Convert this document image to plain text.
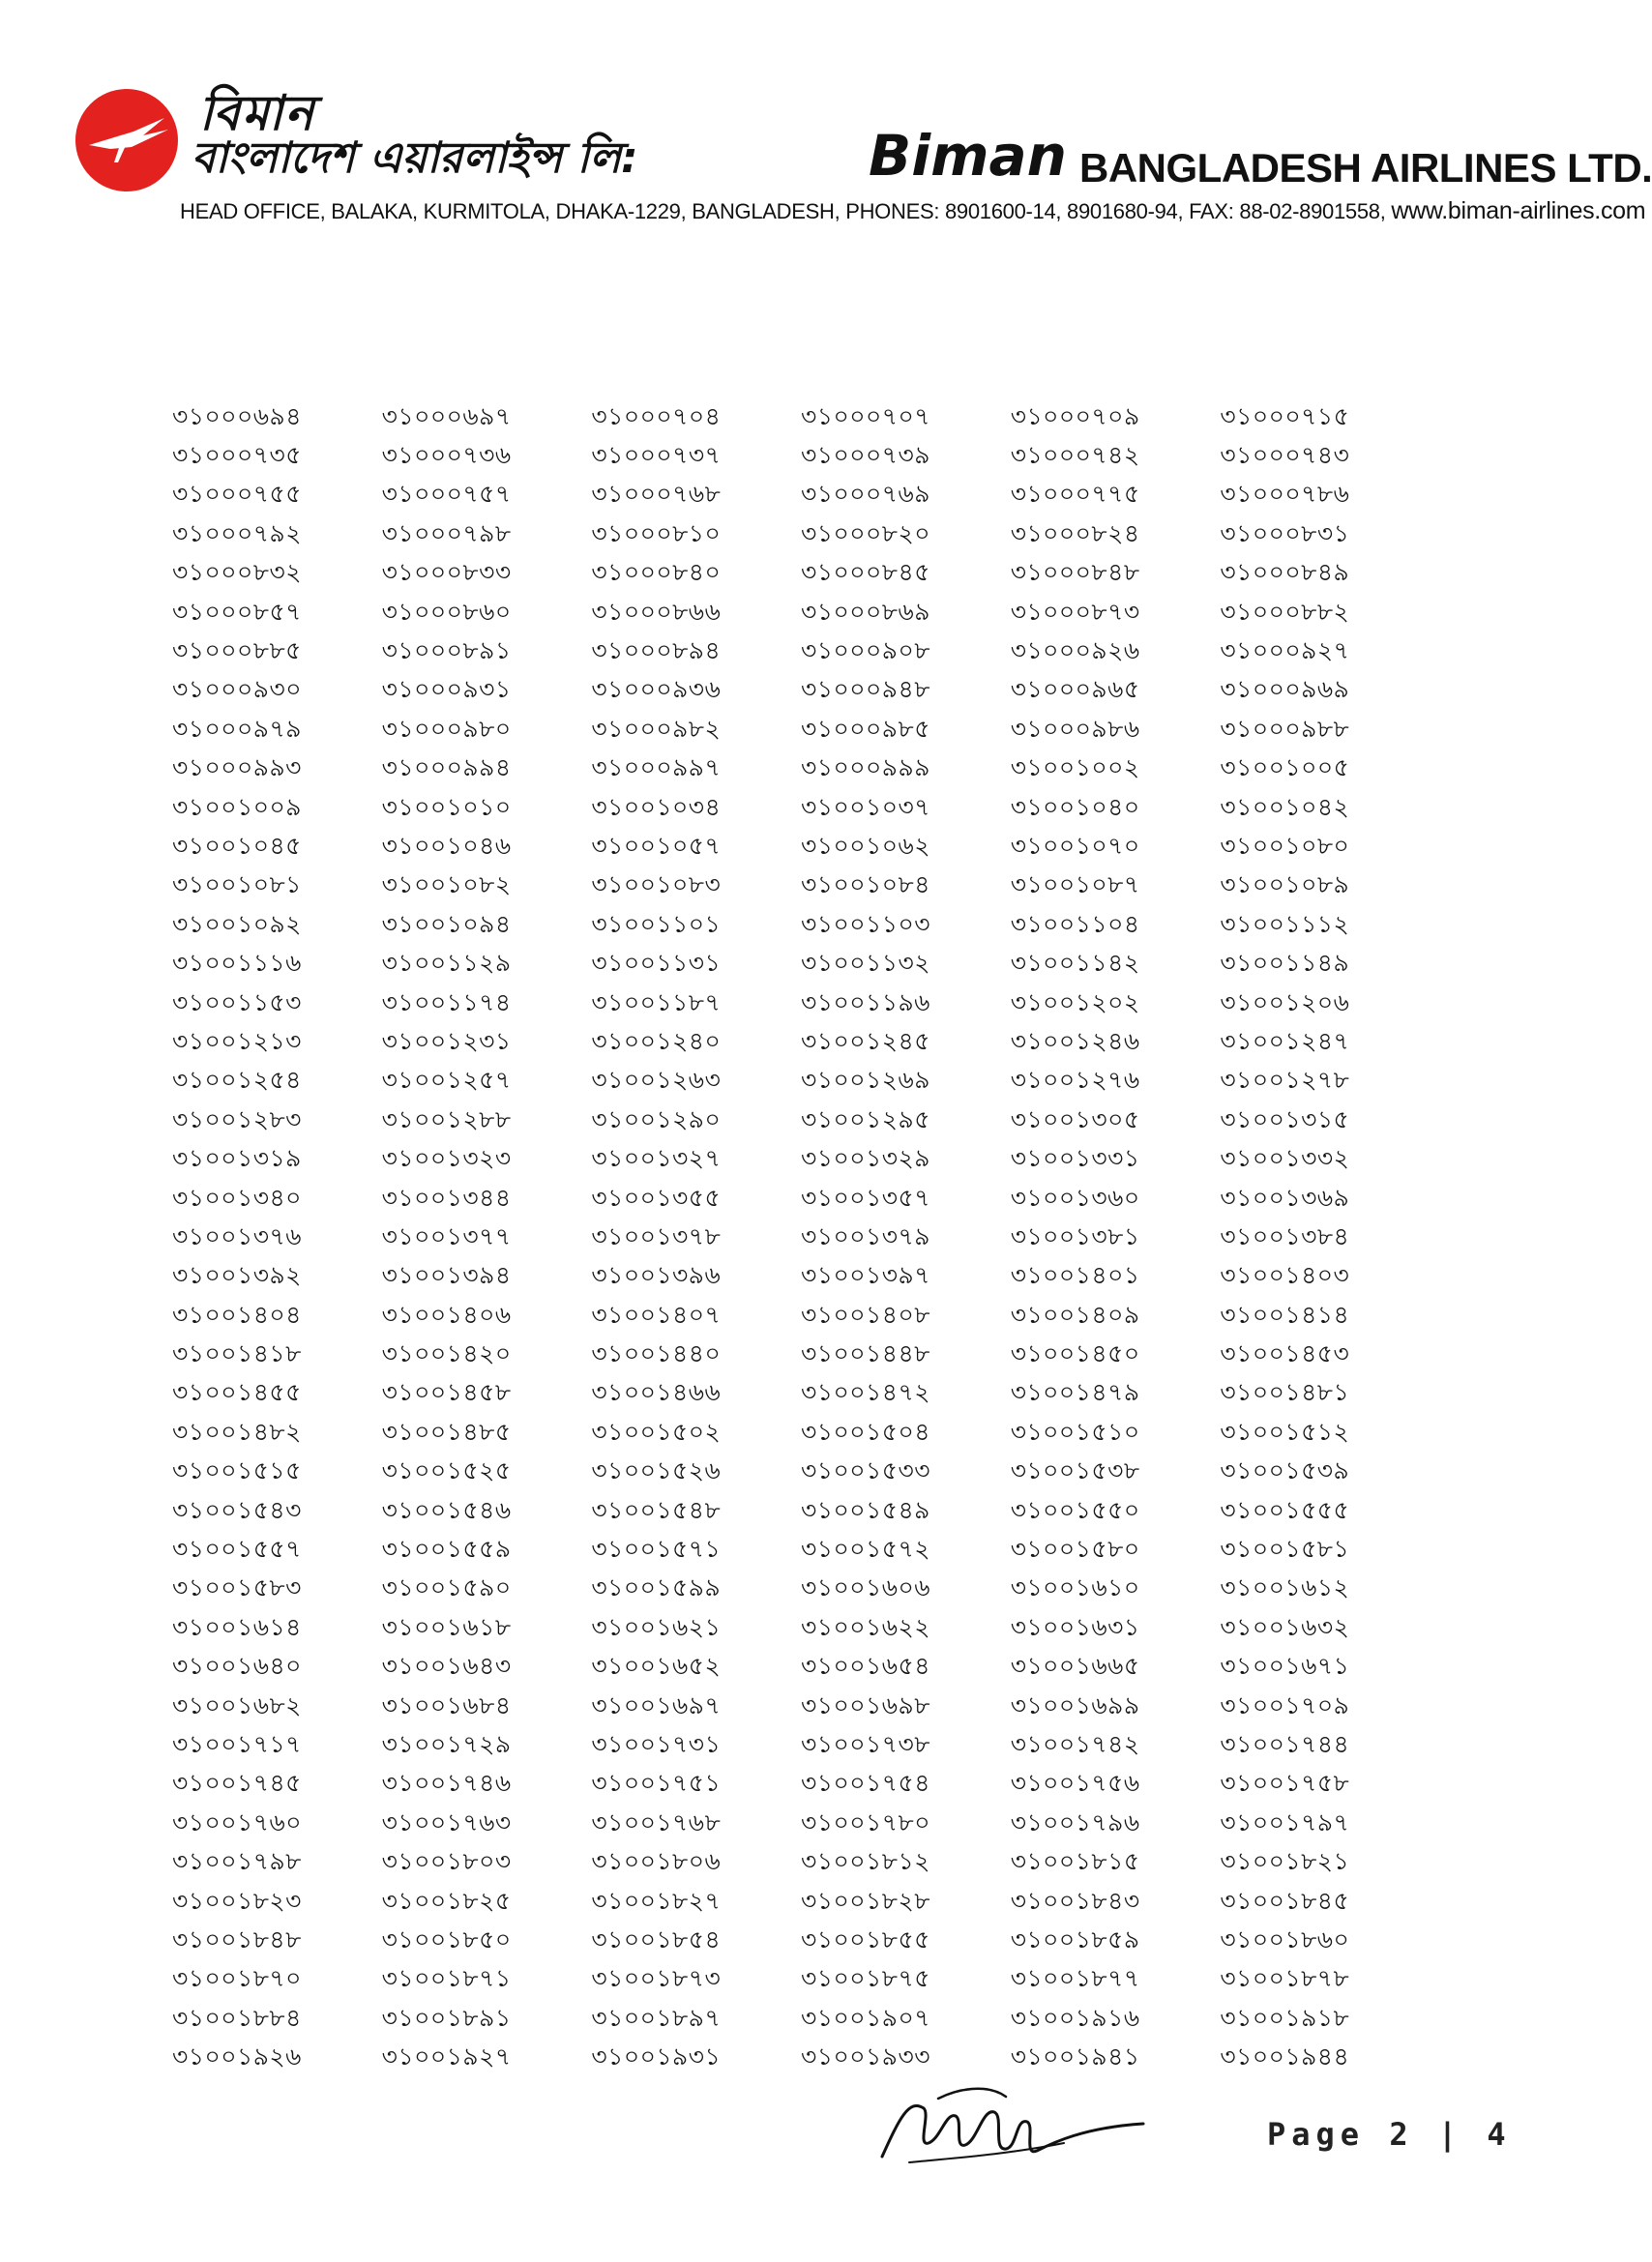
বিমান
বাংলাদেশ এয়ারলাইন্স লি:	Biman BANGLADESH AIRLINES LTD.
HEAD OFFICE, BALAKA, KURMITOLA, DHAKA-1229, BANGLADESH, PHONES: 8901600-14, 8901680-94, FAX: 88-02-8901558, www.biman-airlines.com
৩১০০০৬৯৪	৩১০০০৬৯৭	৩১০০০৭০৪	৩১০০০৭০৭	৩১০০০৭০৯	৩১০০০৭১৫
৩১০০০৭৩৫	৩১০০০৭৩৬	৩১০০০৭৩৭	৩১০০০৭৩৯	৩১০০০৭৪২	৩১০০০৭৪৩
৩১০০০৭৫৫	৩১০০০৭৫৭	৩১০০০৭৬৮	৩১০০০৭৬৯	৩১০০০৭৭৫	৩১০০০৭৮৬
৩১০০০৭৯২	৩১০০০৭৯৮	৩১০০০৮১০	৩১০০০৮২০	৩১০০০৮২৪	৩১০০০৮৩১
৩১০০০৮৩২	৩১০০০৮৩৩	৩১০০০৮৪০	৩১০০০৮৪৫	৩১০০০৮৪৮	৩১০০০৮৪৯
৩১০০০৮৫৭	৩১০০০৮৬০	৩১০০০৮৬৬	৩১০০০৮৬৯	৩১০০০৮৭৩	৩১০০০৮৮২
৩১০০০৮৮৫	৩১০০০৮৯১	৩১০০০৮৯৪	৩১০০০৯০৮	৩১০০০৯২৬	৩১০০০৯২৭
৩১০০০৯৩০	৩১০০০৯৩১	৩১০০০৯৩৬	৩১০০০৯৪৮	৩১০০০৯৬৫	৩১০০০৯৬৯
৩১০০০৯৭৯	৩১০০০৯৮০	৩১০০০৯৮২	৩১০০০৯৮৫	৩১০০০৯৮৬	৩১০০০৯৮৮
৩১০০০৯৯৩	৩১০০০৯৯৪	৩১০০০৯৯৭	৩১০০০৯৯৯	৩১০০১০০২	৩১০০১০০৫
৩১০০১০০৯	৩১০০১০১০	৩১০০১০৩৪	৩১০০১০৩৭	৩১০০১০৪০	৩১০০১০৪২
৩১০০১০৪৫	৩১০০১০৪৬	৩১০০১০৫৭	৩১০০১০৬২	৩১০০১০৭০	৩১০০১০৮০
৩১০০১০৮১	৩১০০১০৮২	৩১০০১০৮৩	৩১০০১০৮৪	৩১০০১০৮৭	৩১০০১০৮৯
৩১০০১০৯২	৩১০০১০৯৪	৩১০০১১০১	৩১০০১১০৩	৩১০০১১০৪	৩১০০১১১২
৩১০০১১১৬	৩১০০১১২৯	৩১০০১১৩১	৩১০০১১৩২	৩১০০১১৪২	৩১০০১১৪৯
৩১০০১১৫৩	৩১০০১১৭৪	৩১০০১১৮৭	৩১০০১১৯৬	৩১০০১২০২	৩১০০১২০৬
৩১০০১২১৩	৩১০০১২৩১	৩১০০১২৪০	৩১০০১২৪৫	৩১০০১২৪৬	৩১০০১২৪৭
৩১০০১২৫৪	৩১০০১২৫৭	৩১০০১২৬৩	৩১০০১২৬৯	৩১০০১২৭৬	৩১০০১২৭৮
৩১০০১২৮৩	৩১০০১২৮৮	৩১০০১২৯০	৩১০০১২৯৫	৩১০০১৩০৫	৩১০০১৩১৫
৩১০০১৩১৯	৩১০০১৩২৩	৩১০০১৩২৭	৩১০০১৩২৯	৩১০০১৩৩১	৩১০০১৩৩২
৩১০০১৩৪০	৩১০০১৩৪৪	৩১০০১৩৫৫	৩১০০১৩৫৭	৩১০০১৩৬০	৩১০০১৩৬৯
৩১০০১৩৭৬	৩১০০১৩৭৭	৩১০০১৩৭৮	৩১০০১৩৭৯	৩১০০১৩৮১	৩১০০১৩৮৪
৩১০০১৩৯২	৩১০০১৩৯৪	৩১০০১৩৯৬	৩১০০১৩৯৭	৩১০০১৪০১	৩১০০১৪০৩
৩১০০১৪০৪	৩১০০১৪০৬	৩১০০১৪০৭	৩১০০১৪০৮	৩১০০১৪০৯	৩১০০১৪১৪
৩১০০১৪১৮	৩১০০১৪২০	৩১০০১৪৪০	৩১০০১৪৪৮	৩১০০১৪৫০	৩১০০১৪৫৩
৩১০০১৪৫৫	৩১০০১৪৫৮	৩১০০১৪৬৬	৩১০০১৪৭২	৩১০০১৪৭৯	৩১০০১৪৮১
৩১০০১৪৮২	৩১০০১৪৮৫	৩১০০১৫০২	৩১০০১৫০৪	৩১০০১৫১০	৩১০০১৫১২
৩১০০১৫১৫	৩১০০১৫২৫	৩১০০১৫২৬	৩১০০১৫৩৩	৩১০০১৫৩৮	৩১০০১৫৩৯
৩১০০১৫৪৩	৩১০০১৫৪৬	৩১০০১৫৪৮	৩১০০১৫৪৯	৩১০০১৫৫০	৩১০০১৫৫৫
৩১০০১৫৫৭	৩১০০১৫৫৯	৩১০০১৫৭১	৩১০০১৫৭২	৩১০০১৫৮০	৩১০০১৫৮১
৩১০০১৫৮৩	৩১০০১৫৯০	৩১০০১৫৯৯	৩১০০১৬০৬	৩১০০১৬১০	৩১০০১৬১২
৩১০০১৬১৪	৩১০০১৬১৮	৩১০০১৬২১	৩১০০১৬২২	৩১০০১৬৩১	৩১০০১৬৩২
৩১০০১৬৪০	৩১০০১৬৪৩	৩১০০১৬৫২	৩১০০১৬৫৪	৩১০০১৬৬৫	৩১০০১৬৭১
৩১০০১৬৮২	৩১০০১৬৮৪	৩১০০১৬৯৭	৩১০০১৬৯৮	৩১০০১৬৯৯	৩১০০১৭০৯
৩১০০১৭১৭	৩১০০১৭২৯	৩১০০১৭৩১	৩১০০১৭৩৮	৩১০০১৭৪২	৩১০০১৭৪৪
৩১০০১৭৪৫	৩১০০১৭৪৬	৩১০০১৭৫১	৩১০০১৭৫৪	৩১০০১৭৫৬	৩১০০১৭৫৮
৩১০০১৭৬০	৩১০০১৭৬৩	৩১০০১৭৬৮	৩১০০১৭৮০	৩১০০১৭৯৬	৩১০০১৭৯৭
৩১০০১৭৯৮	৩১০০১৮০৩	৩১০০১৮০৬	৩১০০১৮১২	৩১০০১৮১৫	৩১০০১৮২১
৩১০০১৮২৩	৩১০০১৮২৫	৩১০০১৮২৭	৩১০০১৮২৮	৩১০০১৮৪৩	৩১০০১৮৪৫
৩১০০১৮৪৮	৩১০০১৮৫০	৩১০০১৮৫৪	৩১০০১৮৫৫	৩১০০১৮৫৯	৩১০০১৮৬০
৩১০০১৮৭০	৩১০০১৮৭১	৩১০০১৮৭৩	৩১০০১৮৭৫	৩১০০১৮৭৭	৩১০০১৮৭৮
৩১০০১৮৮৪	৩১০০১৮৯১	৩১০০১৮৯৭	৩১০০১৯০৭	৩১০০১৯১৬	৩১০০১৯১৮
৩১০০১৯২৬	৩১০০১৯২৭	৩১০০১৯৩১	৩১০০১৯৩৩	৩১০০১৯৪১	৩১০০১৯৪৪
Page 2 | 4
